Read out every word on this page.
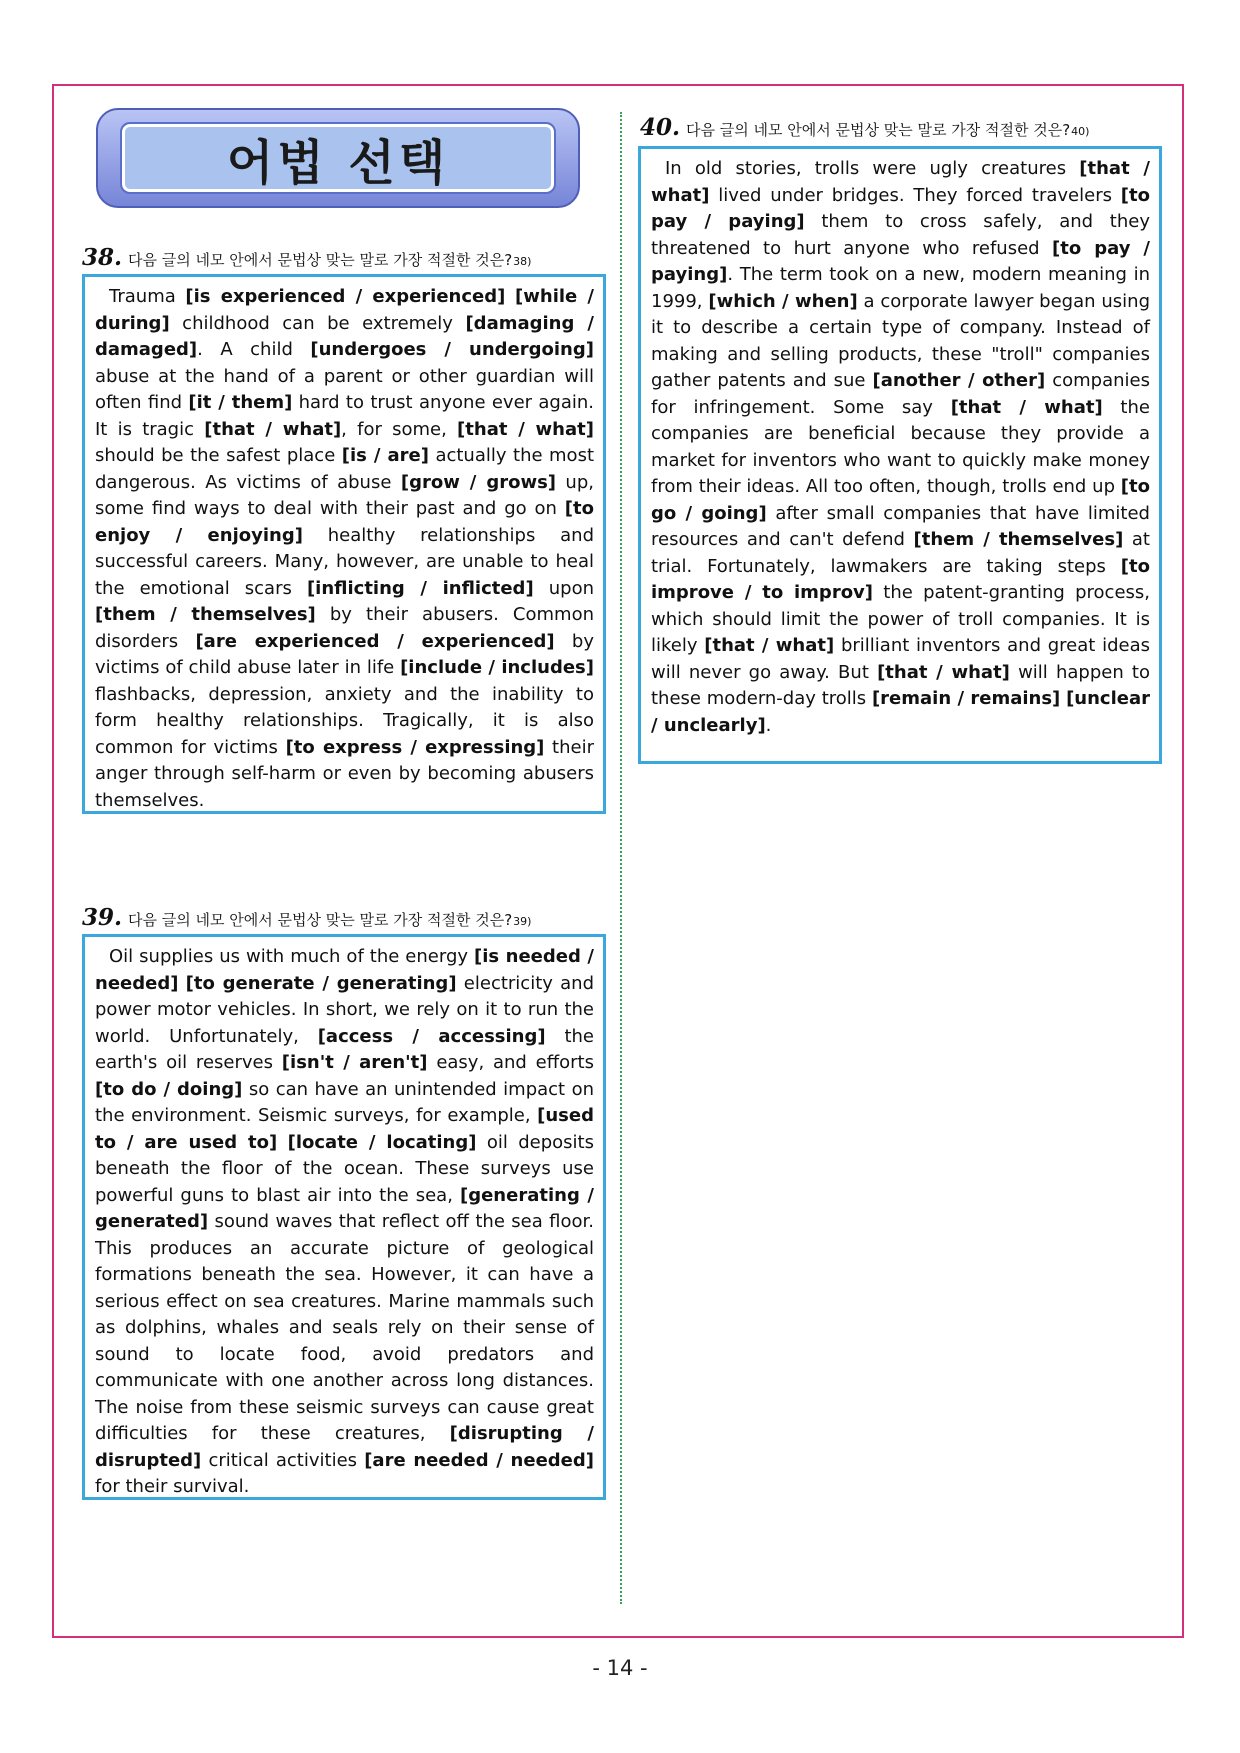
어법 선택
38. 다음 글의 네모 안에서 문법상 맞는 말로 가장 적절한 것은? 38)
Trauma [is experienced / experienced] [while / during] childhood can be extremely [damaging / damaged]. A child [undergoes / undergoing] abuse at the hand of a parent or other guardian will often find [it / them] hard to trust anyone ever again. It is tragic [that / what], for some, [that / what] should be the safest place [is / are] actually the most dangerous. As victims of abuse [grow / grows] up, some find ways to deal with their past and go on [to enjoy / enjoying] healthy relationships and successful careers. Many, however, are unable to heal the emotional scars [inflicting / inflicted] upon [them / themselves] by their abusers. Common disorders [are experienced / experienced] by victims of child abuse later in life [include / includes] flashbacks, depression, anxiety and the inability to form healthy relationships. Tragically, it is also common for victims [to express / expressing] their anger through self-harm or even by becoming abusers themselves.
39. 다음 글의 네모 안에서 문법상 맞는 말로 가장 적절한 것은? 39)
Oil supplies us with much of the energy [is needed / needed] [to generate / generating] electricity and power motor vehicles. In short, we rely on it to run the world. Unfortunately, [access / accessing] the earth's oil reserves [isn't / aren't] easy, and efforts [to do / doing] so can have an unintended impact on the environment. Seismic surveys, for example, [used to / are used to] [locate / locating] oil deposits beneath the floor of the ocean. These surveys use powerful guns to blast air into the sea, [generating / generated] sound waves that reflect off the sea floor. This produces an accurate picture of geological formations beneath the sea. However, it can have a serious effect on sea creatures. Marine mammals such as dolphins, whales and seals rely on their sense of sound to locate food, avoid predators and communicate with one another across long distances. The noise from these seismic surveys can cause great difficulties for these creatures, [disrupting / disrupted] critical activities [are needed / needed] for their survival.
40. 다음 글의 네모 안에서 문법상 맞는 말로 가장 적절한 것은? 40)
In old stories, trolls were ugly creatures [that / what] lived under bridges. They forced travelers [to pay / paying] them to cross safely, and they threatened to hurt anyone who refused [to pay / paying]. The term took on a new, modern meaning in 1999, [which / when] a corporate lawyer began using it to describe a certain type of company. Instead of making and selling products, these "troll" companies gather patents and sue [another / other] companies for infringement. Some say [that / what] the companies are beneficial because they provide a market for inventors who want to quickly make money from their ideas. All too often, though, trolls end up [to go / going] after small companies that have limited resources and can't defend [them / themselves] at trial. Fortunately, lawmakers are taking steps [to improve / to improv] the patent-granting process, which should limit the power of troll companies. It is likely [that / what] brilliant inventors and great ideas will never go away. But [that / what] will happen to these modern-day trolls [remain / remains] [unclear / unclearly].
- 14 -
